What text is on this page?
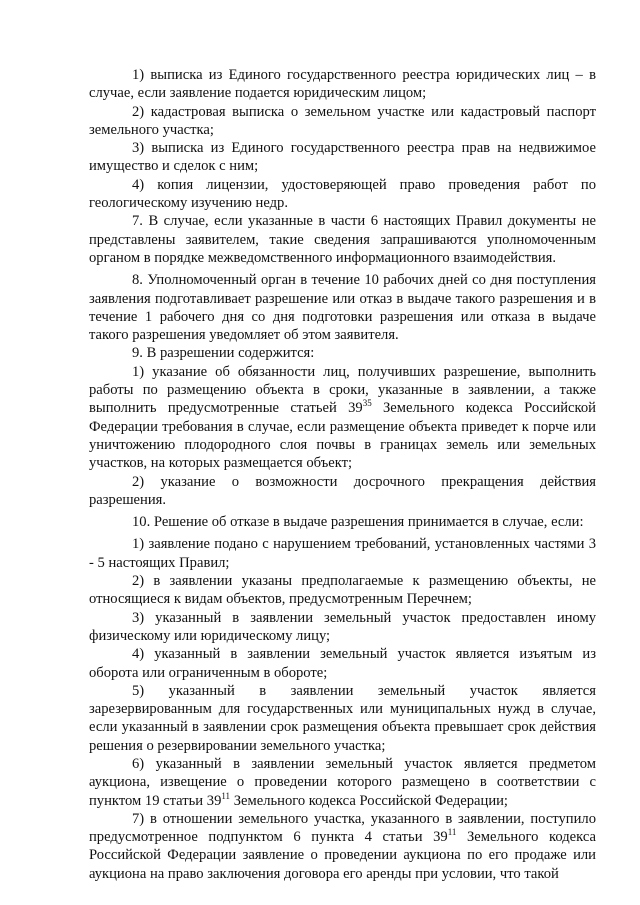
1) выписка из Единого государственного реестра юридических лиц – в случае, если заявление подается юридическим лицом;

2) кадастровая выписка о земельном участке или кадастровый паспорт земельного участка;

3) выписка из Единого государственного реестра прав на недвижимое имущество и сделок с ним;

4) копия лицензии, удостоверяющей право проведения работ по геологическому изучению недр.

7. В случае, если указанные в части 6 настоящих Правил документы не представлены заявителем, такие сведения запрашиваются уполномоченным органом в порядке межведомственного информационного взаимодействия.

8. Уполномоченный орган в течение 10 рабочих дней со дня поступления заявления подготавливает разрешение или отказ в выдаче такого разрешения и в течение 1 рабочего дня со дня подготовки разрешения или отказа в выдаче такого разрешения уведомляет об этом заявителя.

9. В разрешении содержится:

1) указание об обязанности лиц, получивших разрешение, выполнить работы по размещению объекта в сроки, указанные в заявлении, а также выполнить предусмотренные статьей $39^{35}$ Земельного кодекса Российской Федерации требования в случае, если размещение объекта приведет к порче или уничтожению плодородного слоя почвы в границах земель или земельных участков, на которых размещается объект;

2) указание о возможности досрочного прекращения действия разрешения.

10. Решение об отказе в выдаче разрешения принимается в случае, если:

1) заявление подано с нарушением требований, установленных частями 3 - 5 настоящих Правил;

2) в заявлении указаны предполагаемые к размещению объекты, не относящиеся к видам объектов, предусмотренным Перечнем;

3) указанный в заявлении земельный участок предоставлен иному физическому или юридическому лицу;

4) указанный в заявлении земельный участок является изъятым из оборота или ограниченным в обороте;

5) указанный в заявлении земельный участок является зарезервированным для государственных или муниципальных нужд в случае, если указанный в заявлении срок размещения объекта превышает срок действия решения о резервировании земельного участка;

6) указанный в заявлении земельный участок является предметом аукциона, извещение о проведении которого размещено в соответствии с пунктом 19 статьи $39^{11}$ Земельного кодекса Российской Федерации;

7) в отношении земельного участка, указанного в заявлении, поступило предусмотренное подпунктом 6 пункта 4 статьи $39^{11}$ Земельного кодекса Российской Федерации заявление о проведении аукциона по его продаже или аукциона на право заключения договора его аренды при условии, что такой
